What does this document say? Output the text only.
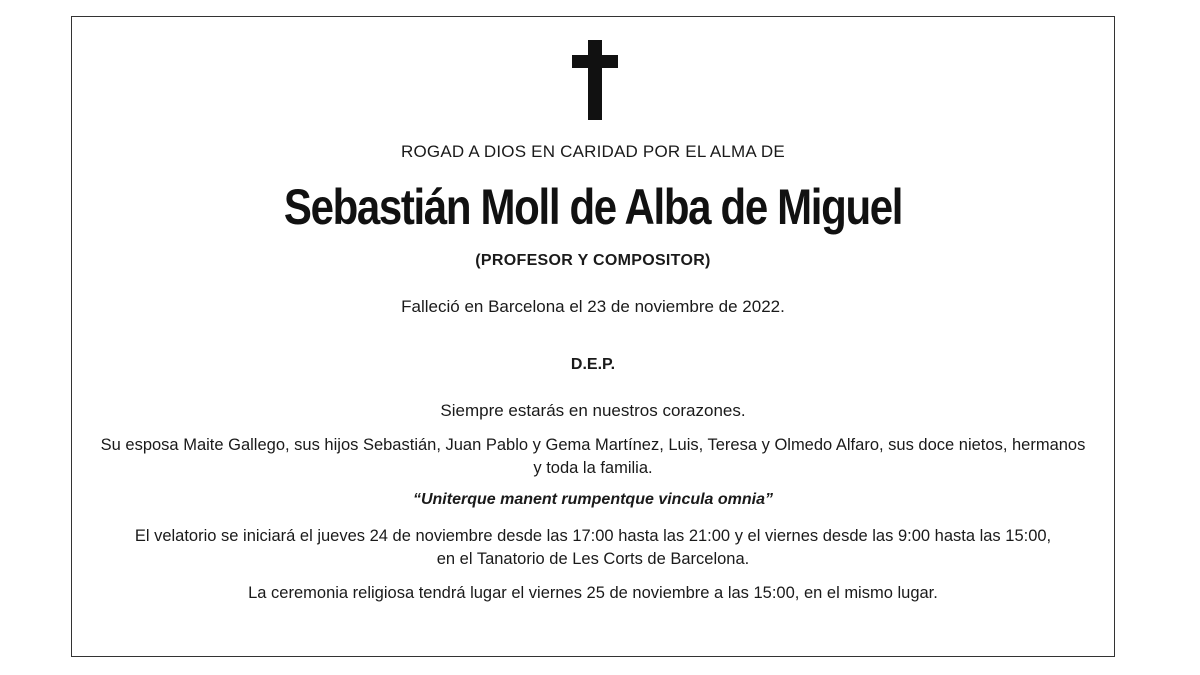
ROGAD A DIOS EN CARIDAD POR EL ALMA DE
Sebastián Moll de Alba de Miguel
(PROFESOR Y COMPOSITOR)
Falleció en Barcelona el 23 de noviembre de 2022.
D.E.P.
Siempre estarás en nuestros corazones.
Su esposa Maite Gallego, sus hijos Sebastián, Juan Pablo y Gema Martínez, Luis, Teresa y Olmedo Alfaro, sus doce nietos, hermanos
y toda la familia.
“Uniterque manent rumpentque vincula omnia”
El velatorio se iniciará el jueves 24 de noviembre desde las 17:00 hasta las 21:00 y el viernes desde las 9:00 hasta las 15:00,
en el Tanatorio de Les Corts de Barcelona.
La ceremonia religiosa tendrá lugar el viernes 25 de noviembre a las 15:00, en el mismo lugar.
